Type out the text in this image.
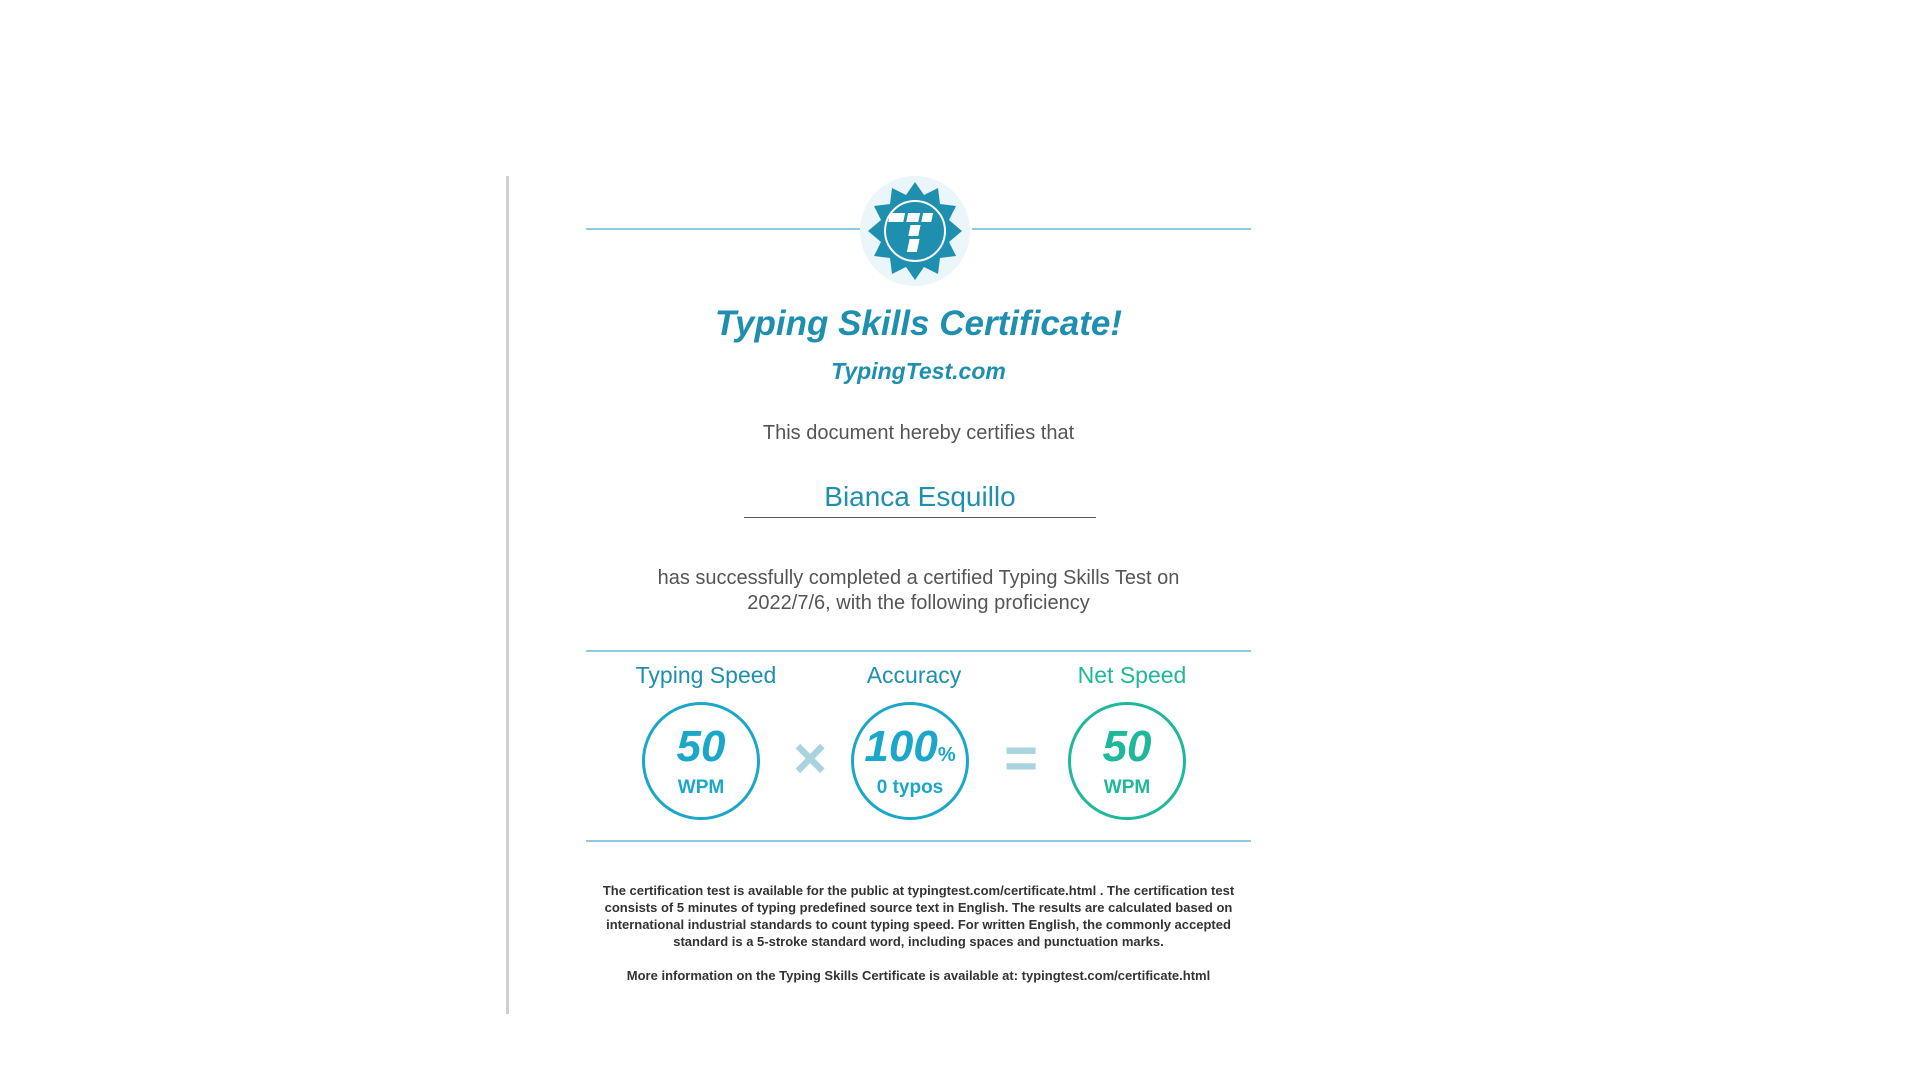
Typing Skills Certificate!
TypingTest.com
This document hereby certifies that
Bianca Esquillo
has successfully completed a certified Typing Skills Test on 2022/7/6, with the following proficiency
Typing Speed
50
WPM	×
Accuracy
100%
0 typos	=
Net Speed
50
WPM
The certification test is available for the public at typingtest.com/certificate.html . The certification test consists of 5 minutes of typing predefined source text in English. The results are calculated based on international industrial standards to count typing speed. For written English, the commonly accepted standard is a 5-stroke standard word, including spaces and punctuation marks.
More information on the Typing Skills Certificate is available at: typingtest.com/certificate.html
